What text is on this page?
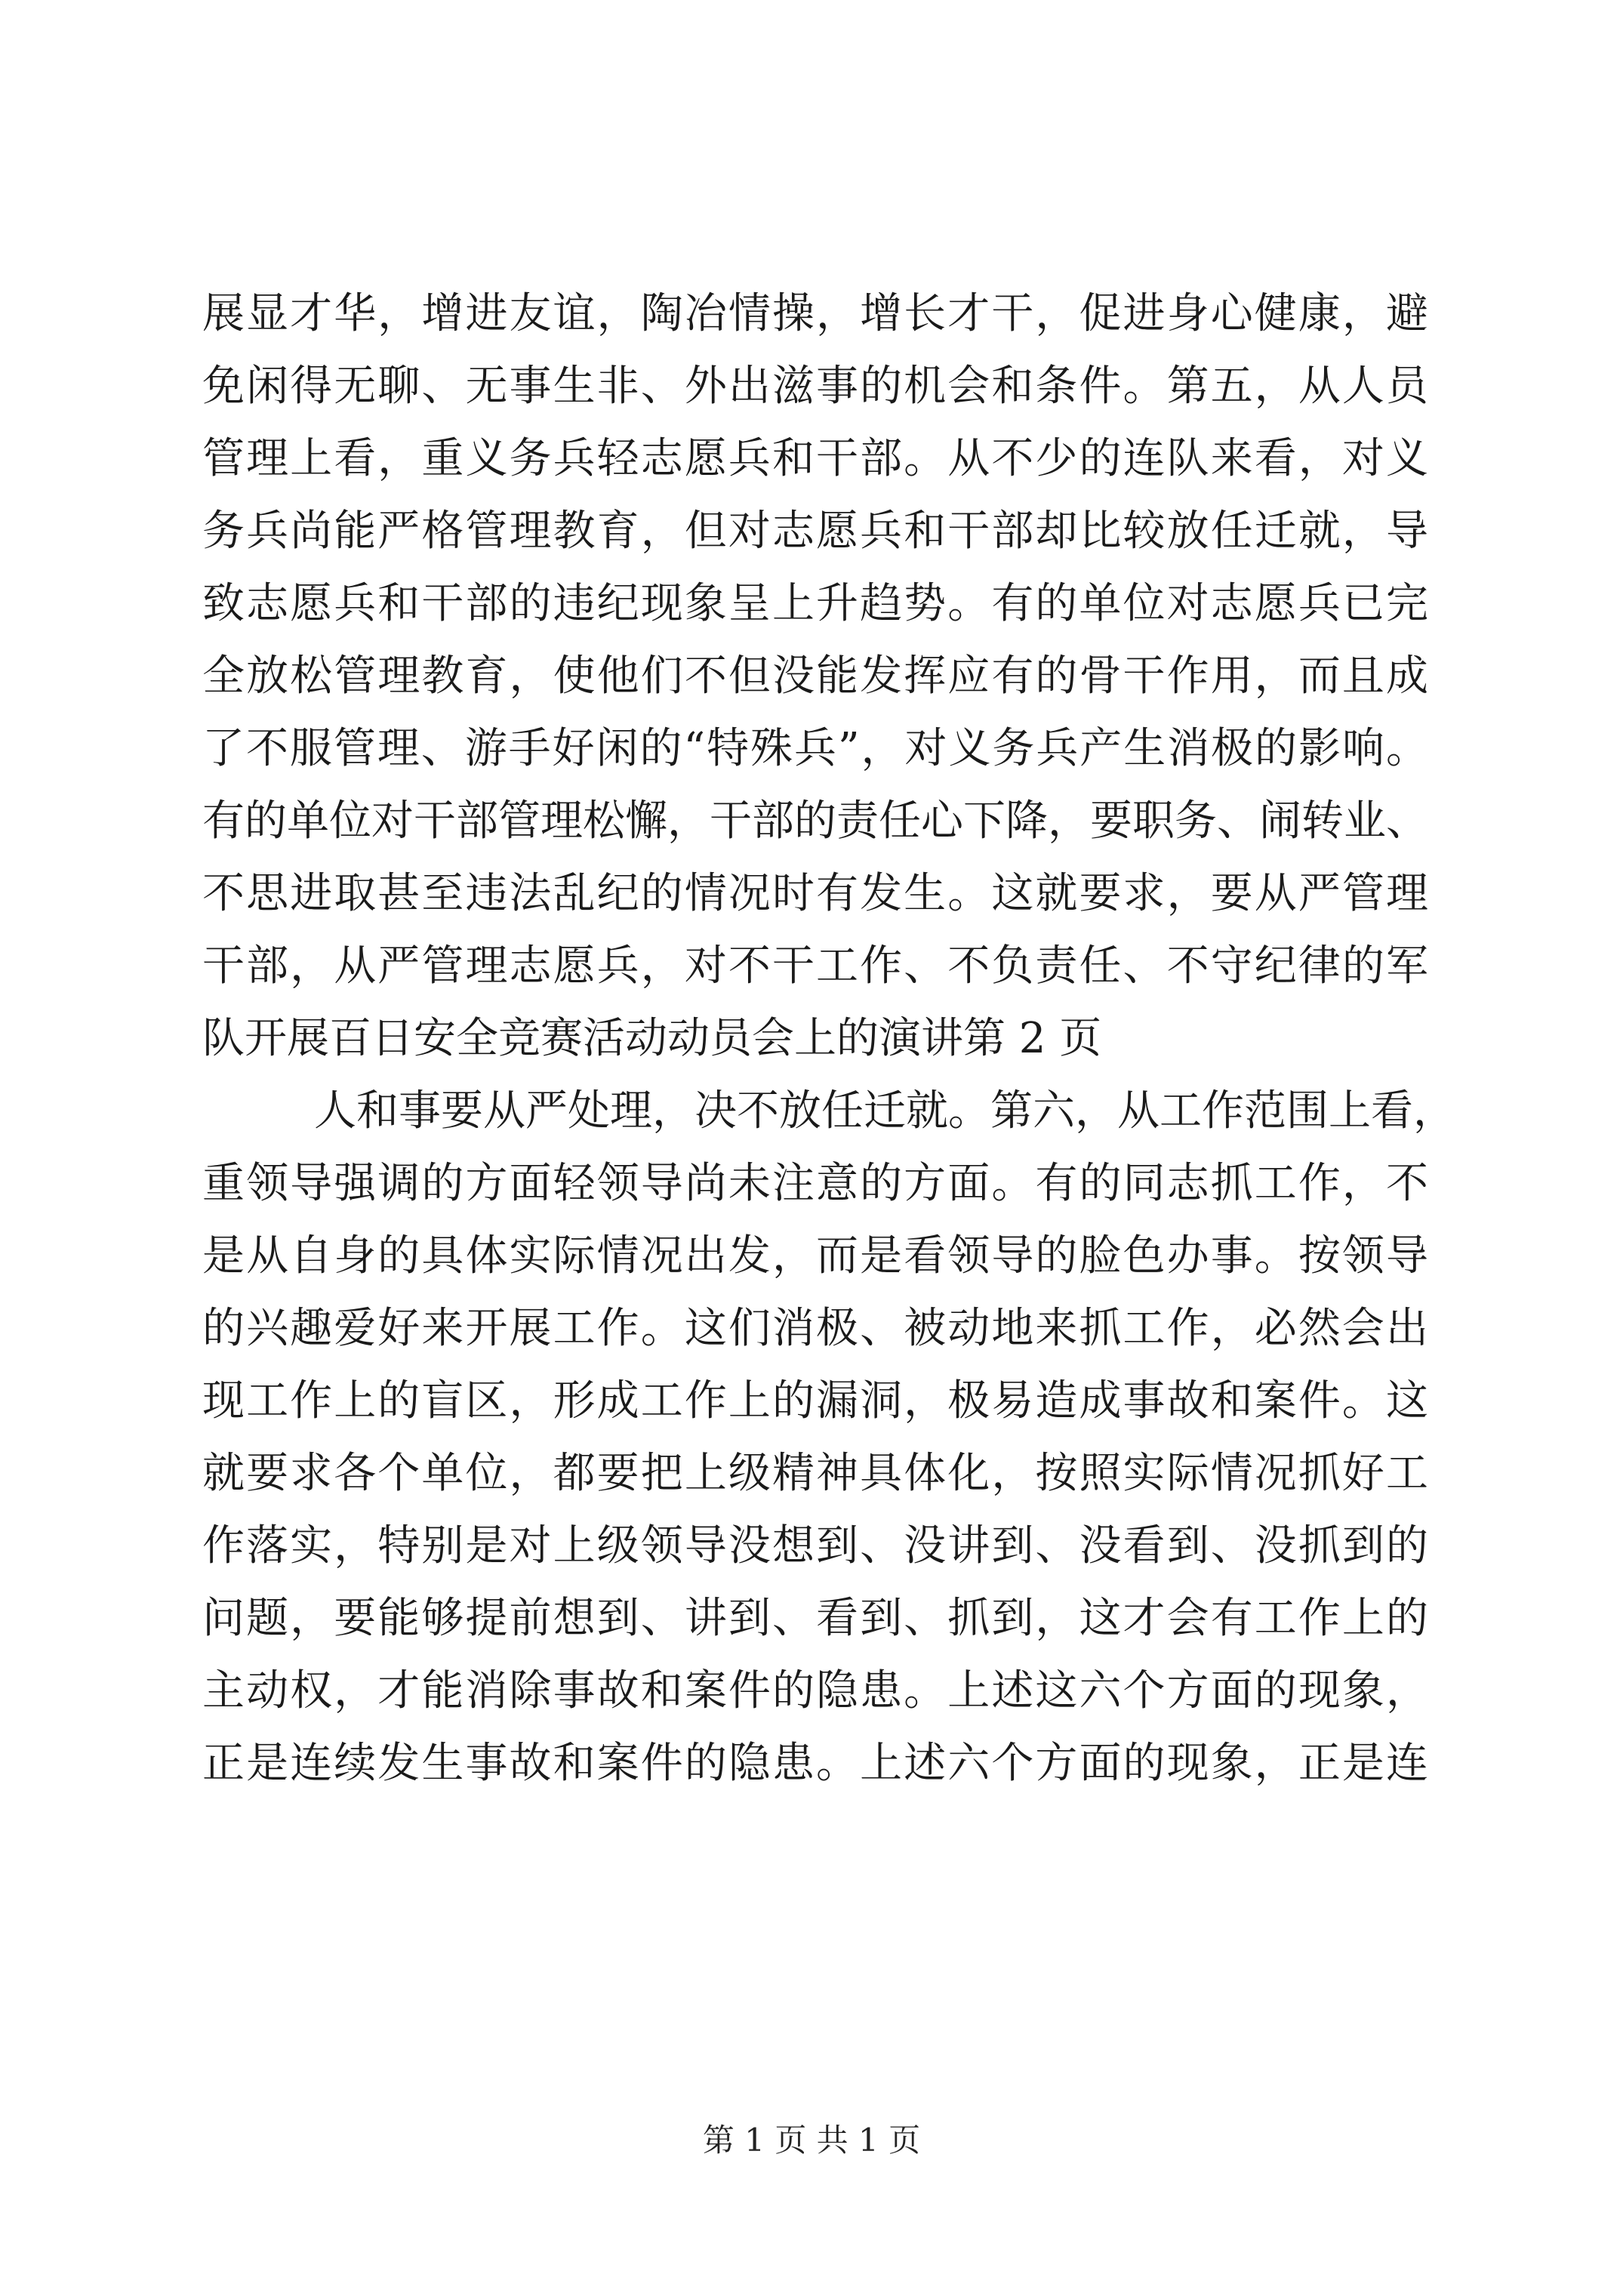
展显才华，增进友谊，陶冶情操，增长才干，促进身心健康，避
免闲得无聊、无事生非、外出滋事的机会和条件。第五，从人员
管理上看，重义务兵轻志愿兵和干部。从不少的连队来看，对义
务兵尚能严格管理教育，但对志愿兵和干部却比较放任迁就，导
致志愿兵和干部的违纪现象呈上升趋势。有的单位对志愿兵已完
全放松管理教育，使他们不但没能发挥应有的骨干作用，而且成
了不服管理、游手好闲的“特殊兵”，对义务兵产生消极的影响。
有的单位对干部管理松懈，干部的责任心下降，要职务、闹转业、
不思进取甚至违法乱纪的情况时有发生。这就要求，要从严管理
干部，从严管理志愿兵，对不干工作、不负责任、不守纪律的军
队开展百日安全竞赛活动动员会上的演讲第 2 页
人和事要从严处理，决不放任迁就。第六，从工作范围上看，
重领导强调的方面轻领导尚未注意的方面。有的同志抓工作，不
是从自身的具体实际情况出发，而是看领导的脸色办事。按领导
的兴趣爱好来开展工作。这们消极、被动地来抓工作，必然会出
现工作上的盲区，形成工作上的漏洞，极易造成事故和案件。这
就要求各个单位，都要把上级精神具体化，按照实际情况抓好工
作落实，特别是对上级领导没想到、没讲到、没看到、没抓到的
问题，要能够提前想到、讲到、看到、抓到，这才会有工作上的
主动权，才能消除事故和案件的隐患。上述这六个方面的现象，
正是连续发生事故和案件的隐患。上述六个方面的现象，正是连
第 1 页 共 1 页
